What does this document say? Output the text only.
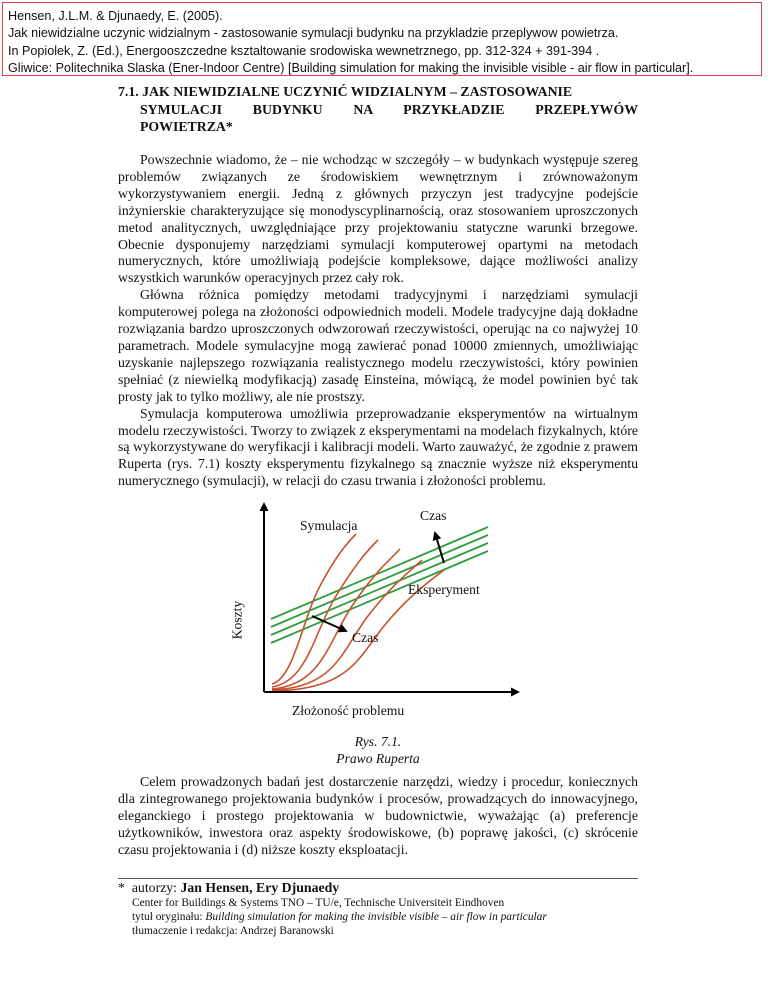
Hensen, J.L.M. & Djunaedy, E. (2005).
Jak niewidzialne uczynic widzialnym - zastosowanie symulacji budynku na przykladzie przeplywow powietrza.
In Popiolek, Z. (Ed.), Energooszczedne ksztaltowanie srodowiska wewnetrznego, pp. 312-324 + 391-394 .
Gliwice: Politechnika Slaska (Ener-Indoor Centre) [Building simulation for making the invisible visible - air flow in particular].
7.1. JAK NIEWIDZIALNE UCZYNIĆ WIDZIALNYM – ZASTOSOWANIE
SYMULACJI BUDYNKU NA PRZYKŁADZIE PRZEPŁYWÓW
POWIETRZA*

Powszechnie wiadomo, że – nie wchodząc w szczegóły – w budynkach występuje szereg problemów związanych ze środowiskiem wewnętrznym i zrównoważonym wykorzystywaniem energii. Jedną z głównych przyczyn jest tradycyjne podejście inżynierskie charakteryzujące się monodyscyplinarnością, oraz stosowaniem uproszczonych metod analitycznych, uwzględniające przy projektowaniu statyczne warunki brzegowe. Obecnie dysponujemy narzędziami symulacji komputerowej opartymi na metodach numerycznych, które umożliwiają podejście kompleksowe, dające możliwości analizy wszystkich warunków operacyjnych przez cały rok.

Główna różnica pomiędzy metodami tradycyjnymi i narzędziami symulacji komputerowej polega na złożoności odpowiednich modeli. Modele tradycyjne dają dokładne rozwiązania bardzo uproszczonych odwzorowań rzeczywistości, operując na co najwyżej 10 parametrach. Modele symulacyjne mogą zawierać ponad 10000 zmiennych, umożliwiając uzyskanie najlepszego rozwiązania realistycznego modelu rzeczywistości, który powinien spełniać (z niewielką modyfikacją) zasadę Einsteina, mówiącą, że model powinien być tak prosty jak to tylko możliwy, ale nie prostszy.

Symulacja komputerowa umożliwia przeprowadzanie eksperymentów na wirtualnym modelu rzeczywistości. Tworzy to związek z eksperymentami na modelach fizykalnych, które są wykorzystywane do weryfikacji i kalibracji modeli. Warto zauważyć, że zgodnie z prawem Ruperta (rys. 7.1) koszty eksperymentu fizykalnego są znacznie wyższe niż eksperymentu numerycznego (symulacji), w relacji do czasu trwania i złożoności problemu.

Symulacja
Czas
Eksperyment
Czas
Koszty
Złożoność problemu
Rys. 7.1.
Prawo Ruperta

Celem prowadzonych badań jest dostarczenie narzędzi, wiedzy i procedur, koniecznych dla zintegrowanego projektowania budynków i procesów, prowadzących do innowacyjnego, eleganckiego i prostego projektowania w budownictwie, wyważając (a) preferencje użytkowników, inwestora oraz aspekty środowiskowe, (b) poprawę jakości, (c) skrócenie czasu projektowania i (d) niższe koszty eksploatacji.

* autorzy: Jan Hensen, Ery Djunaedy
Center for Buildings & Systems TNO – TU/e, Technische Universiteit Eindhoven
tytuł oryginału: Building simulation for making the invisible visible – air flow in particular
tłumaczenie i redakcja: Andrzej Baranowski
